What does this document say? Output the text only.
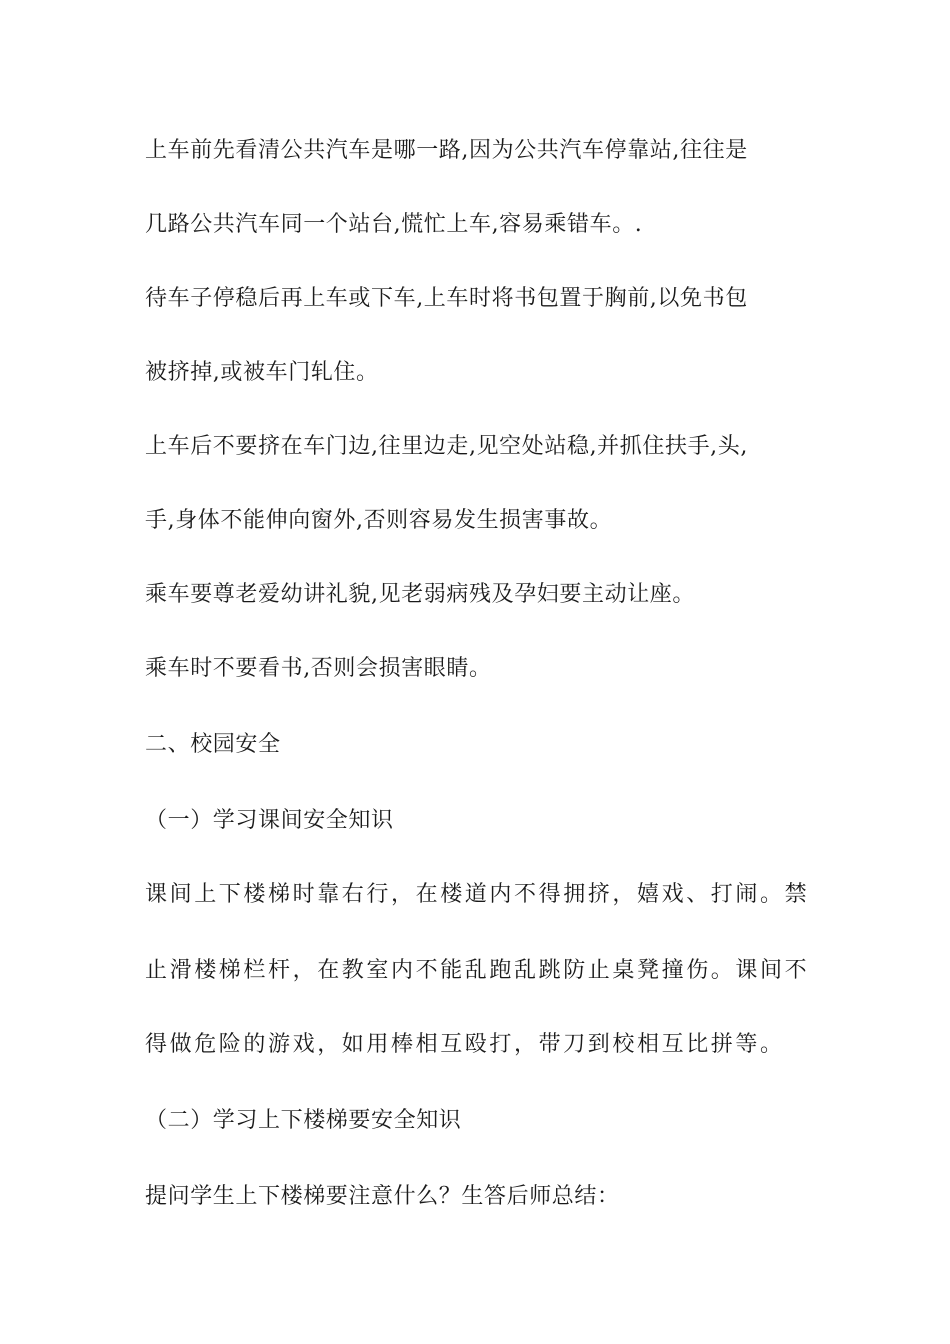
上车前先看清公共汽车是哪一路,因为公共汽车停靠站,往往是
几路公共汽车同一个站台,慌忙上车,容易乘错车。.
待车子停稳后再上车或下车,上车时将书包置于胸前,以免书包
被挤掉,或被车门轧住。
上车后不要挤在车门边,往里边走,见空处站稳,并抓住扶手,头,
手,身体不能伸向窗外,否则容易发生损害事故。
乘车要尊老爱幼讲礼貌,见老弱病残及孕妇要主动让座。
乘车时不要看书,否则会损害眼睛。
二、校园安全
（一）学习课间安全知识
课间上下楼梯时靠右行，在楼道内不得拥挤，嬉戏、打闹。禁
止滑楼梯栏杆，在教室内不能乱跑乱跳防止桌凳撞伤。课间不
得做危险的游戏，如用棒相互殴打，带刀到校相互比拼等。
（二）学习上下楼梯要安全知识
提问学生上下楼梯要注意什么？生答后师总结：
